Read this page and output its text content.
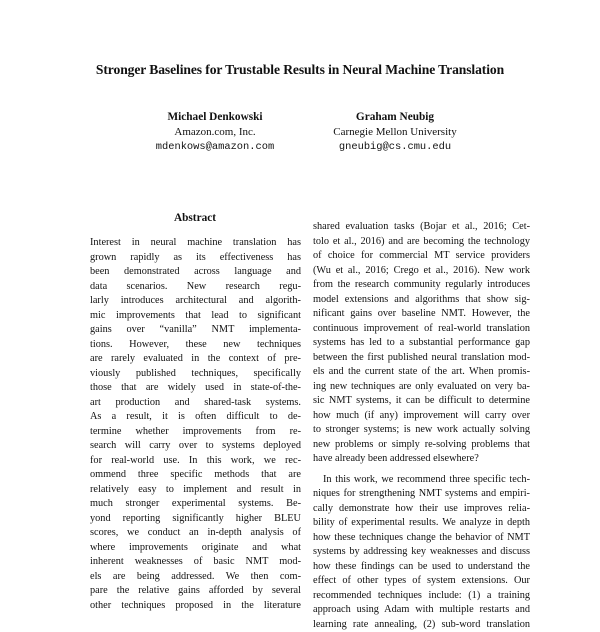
Stronger Baselines for Trustable Results in Neural Machine Translation
Michael Denkowski
Amazon.com, Inc.
mdenkows@amazon.com
Graham Neubig
Carnegie Mellon University
gneubig@cs.cmu.edu
Abstract
Interest in neural machine translation has
grown rapidly as its effectiveness has
been demonstrated across language and
data scenarios. New research regu-
larly introduces architectural and algorith-
mic improvements that lead to significant
gains over “vanilla” NMT implementa-
tions. However, these new techniques
are rarely evaluated in the context of pre-
viously published techniques, specifically
those that are widely used in state-of-the-
art production and shared-task systems.
As a result, it is often difficult to de-
termine whether improvements from re-
search will carry over to systems deployed
for real-world use. In this work, we rec-
ommend three specific methods that are
relatively easy to implement and result in
much stronger experimental systems. Be-
yond reporting significantly higher BLEU
scores, we conduct an in-depth analysis of
where improvements originate and what
inherent weaknesses of basic NMT mod-
els are being addressed. We then com-
pare the relative gains afforded by several
other techniques proposed in the literature
shared evaluation tasks (Bojar et al., 2016; Cet-
tolo et al., 2016) and are becoming the technology
of choice for commercial MT service providers
(Wu et al., 2016; Crego et al., 2016). New work
from the research community regularly introduces
model extensions and algorithms that show sig-
nificant gains over baseline NMT. However, the
continuous improvement of real-world translation
systems has led to a substantial performance gap
between the first published neural translation mod-
els and the current state of the art. When promis-
ing new techniques are only evaluated on very ba-
sic NMT systems, it can be difficult to determine
how much (if any) improvement will carry over
to stronger systems; is new work actually solving
new problems or simply re-solving problems that
have already been addressed elsewhere?
In this work, we recommend three specific tech-
niques for strengthening NMT systems and empiri-
cally demonstrate how their use improves relia-
bility of experimental results. We analyze in depth
how these techniques change the behavior of NMT
systems by addressing key weaknesses and discuss
how these findings can be used to understand the
effect of other types of system extensions. Our
recommended techniques include: (1) a training
approach using Adam with multiple restarts and
learning rate annealing, (2) sub-word translation
